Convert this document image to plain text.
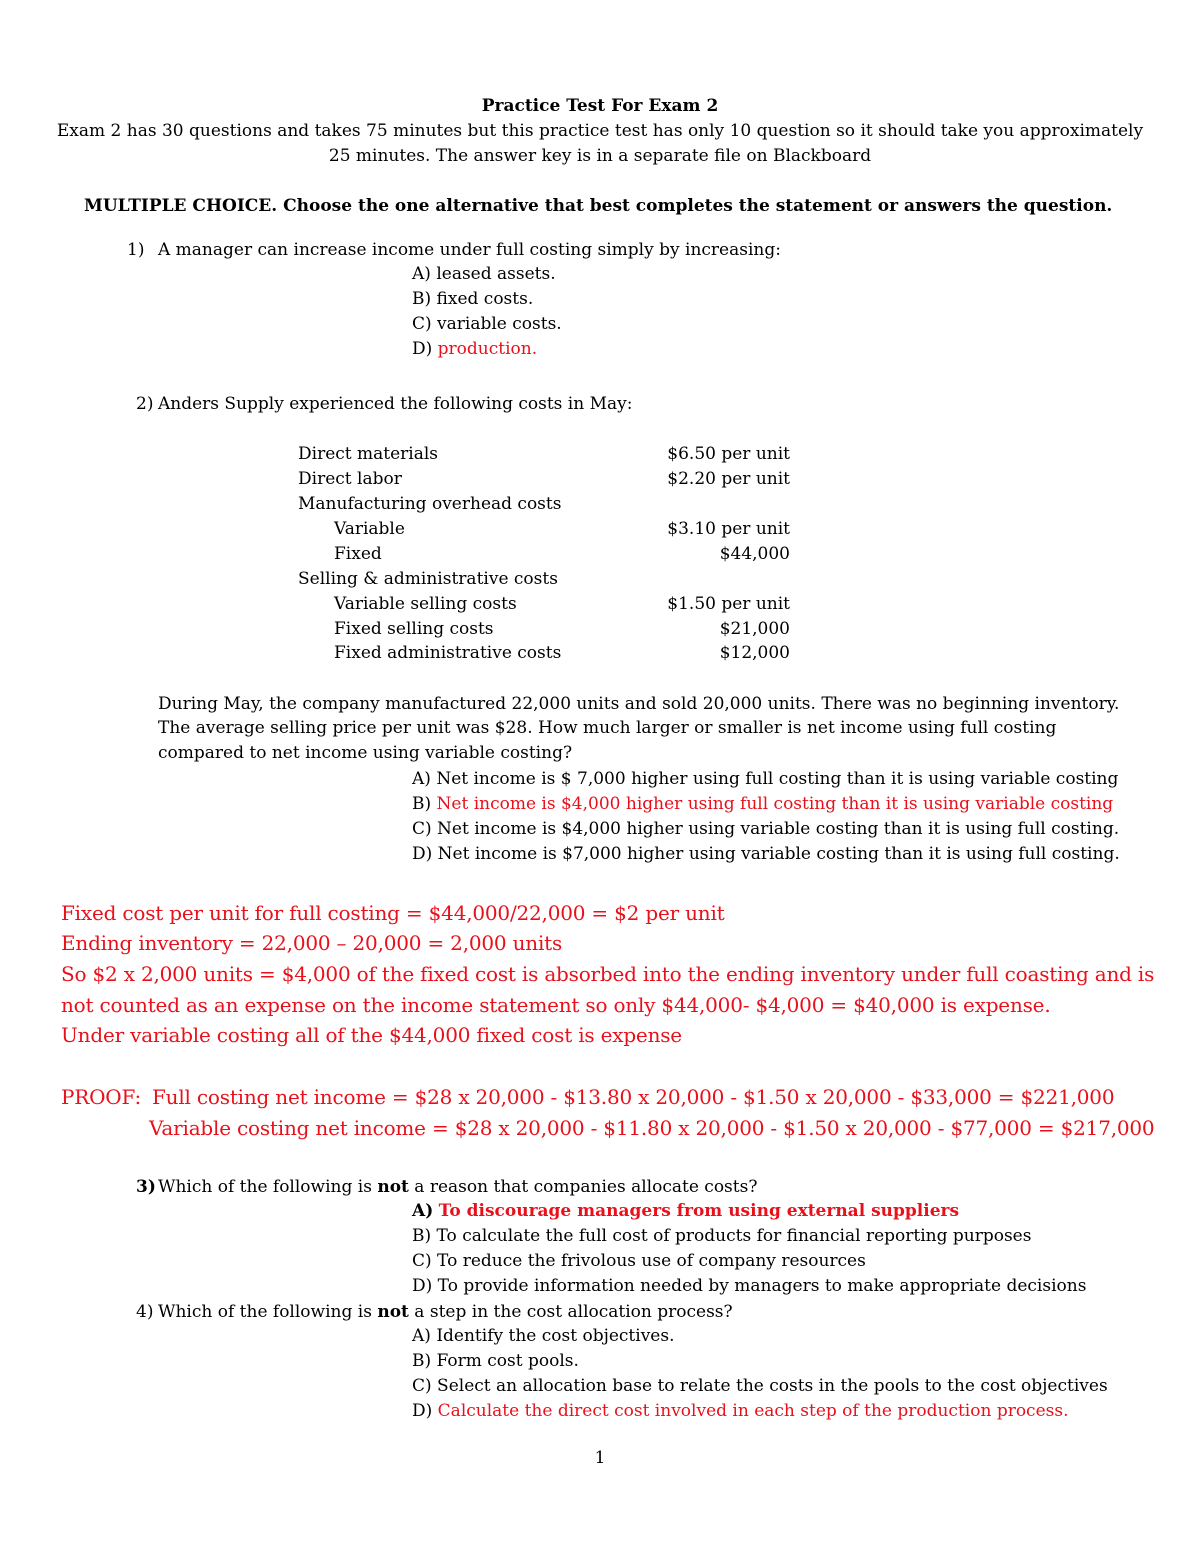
Practice Test For Exam 2
Exam 2 has 30 questions and takes 75 minutes but this practice test has only 10 question so it should take you approximately
25 minutes. The answer key is in a separate file on Blackboard
MULTIPLE CHOICE. Choose the one alternative that best completes the statement or answers the question.
1) A manager can increase income under full costing simply by increasing:
A) leased assets.
B) fixed costs.
C) variable costs.
D) production.
2) Anders Supply experienced the following costs in May:
Direct materials	$6.50 per unit
Direct labor	$2.20 per unit
Manufacturing overhead costs
Variable	$3.10 per unit
Fixed	$44,000
Selling & administrative costs
Variable selling costs	$1.50 per unit
Fixed selling costs	$21,000
Fixed administrative costs	$12,000
During May, the company manufactured 22,000 units and sold 20,000 units. There was no beginning inventory.
The average selling price per unit was $28. How much larger or smaller is net income using full costing
compared to net income using variable costing?
A) Net income is $ 7,000 higher using full costing than it is using variable costing
B) Net income is $4,000 higher using full costing than it is using variable costing
C) Net income is $4,000 higher using variable costing than it is using full costing.
D) Net income is $7,000 higher using variable costing than it is using full costing.
Fixed cost per unit for full costing = $44,000/22,000 = $2 per unit
Ending inventory = 22,000 – 20,000 = 2,000 units
So $2 x 2,000 units = $4,000 of the fixed cost is absorbed into the ending inventory under full coasting and is
not counted as an expense on the income statement so only $44,000- $4,000 = $40,000 is expense.
Under variable costing all of the $44,000 fixed cost is expense
PROOF: Full costing net income = $28 x 20,000 - $13.80 x 20,000 - $1.50 x 20,000 - $33,000 = $221,000
Variable costing net income = $28 x 20,000 - $11.80 x 20,000 - $1.50 x 20,000 - $77,000 = $217,000
3) Which of the following is not a reason that companies allocate costs?
A) To discourage managers from using external suppliers
B) To calculate the full cost of products for financial reporting purposes
C) To reduce the frivolous use of company resources
D) To provide information needed by managers to make appropriate decisions
4) Which of the following is not a step in the cost allocation process?
A) Identify the cost objectives.
B) Form cost pools.
C) Select an allocation base to relate the costs in the pools to the cost objectives
D) Calculate the direct cost involved in each step of the production process.
1
